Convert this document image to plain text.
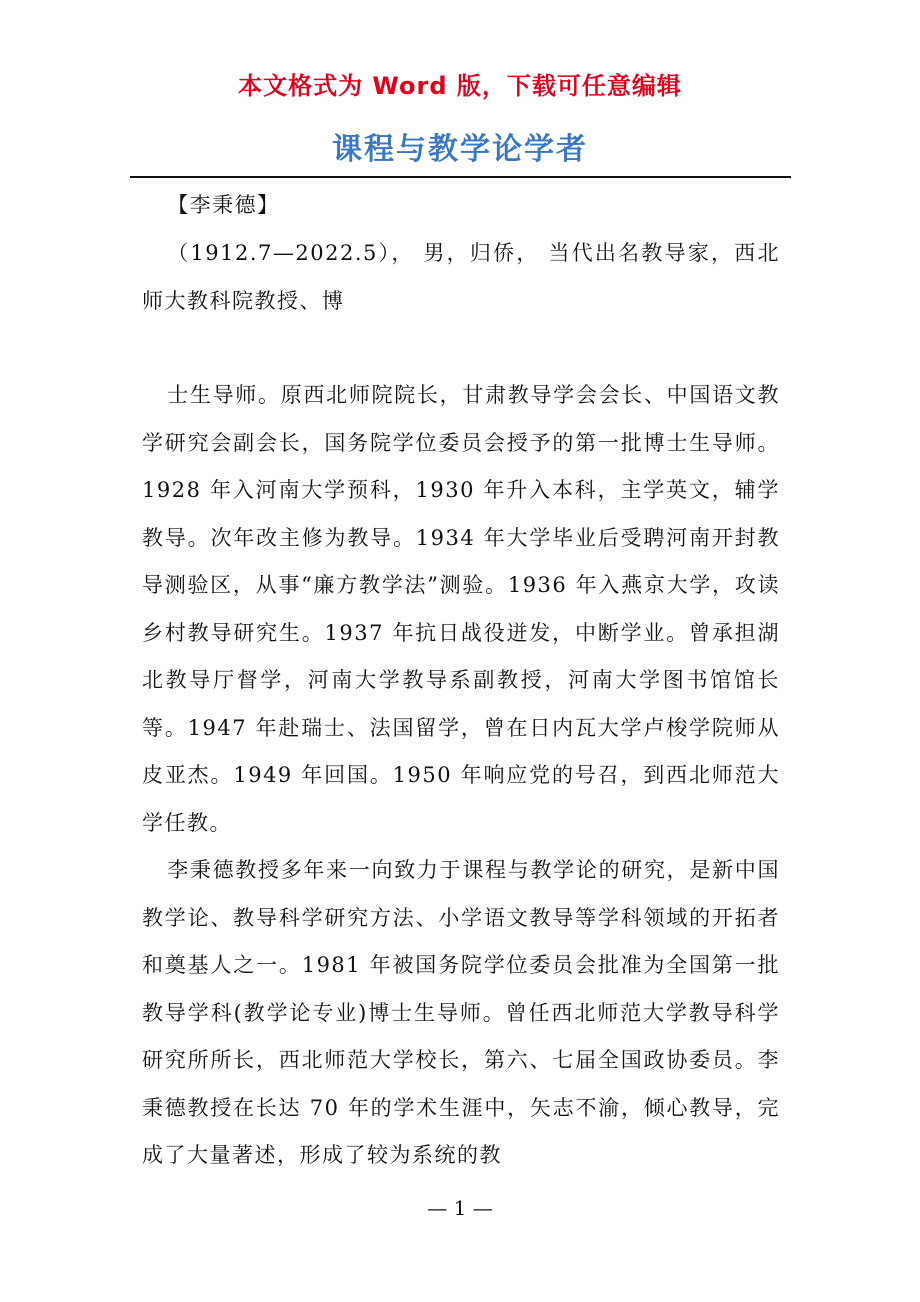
本文格式为 Word 版，下载可任意编辑
课程与教学论学者

【李秉德】

（1912.7—2022.5）， 男，归侨， 当代出名教导家，西北师大教科院教授、博

士生导师。原西北师院院长，甘肃教导学会会长、中国语文教学研究会副会长，国务院学位委员会授予的第一批博士生导师。1928 年入河南大学预科，1930 年升入本科，主学英文，辅学教导。次年改主修为教导。1934 年大学毕业后受聘河南开封教导测验区，从事“廉方教学法”测验。1936 年入燕京大学，攻读乡村教导研究生。1937 年抗日战役迸发，中断学业。曾承担湖北教导厅督学，河南大学教导系副教授，河南大学图书馆馆长等。1947 年赴瑞士、法国留学，曾在日内瓦大学卢梭学院师从皮亚杰。1949 年回国。1950 年响应党的号召，到西北师范大学任教。

李秉德教授多年来一向致力于课程与教学论的研究，是新中国教学论、教导科学研究方法、小学语文教导等学科领域的开拓者和奠基人之一。1981 年被国务院学位委员会批准为全国第一批教导学科(教学论专业)博士生导师。曾任西北师范大学教导科学研究所所长，西北师范大学校长，第六、七届全国政协委员。李秉德教授在长达 70 年的学术生涯中，矢志不渝，倾心教导，完成了大量著述，形成了较为系统的教

— 1 —
